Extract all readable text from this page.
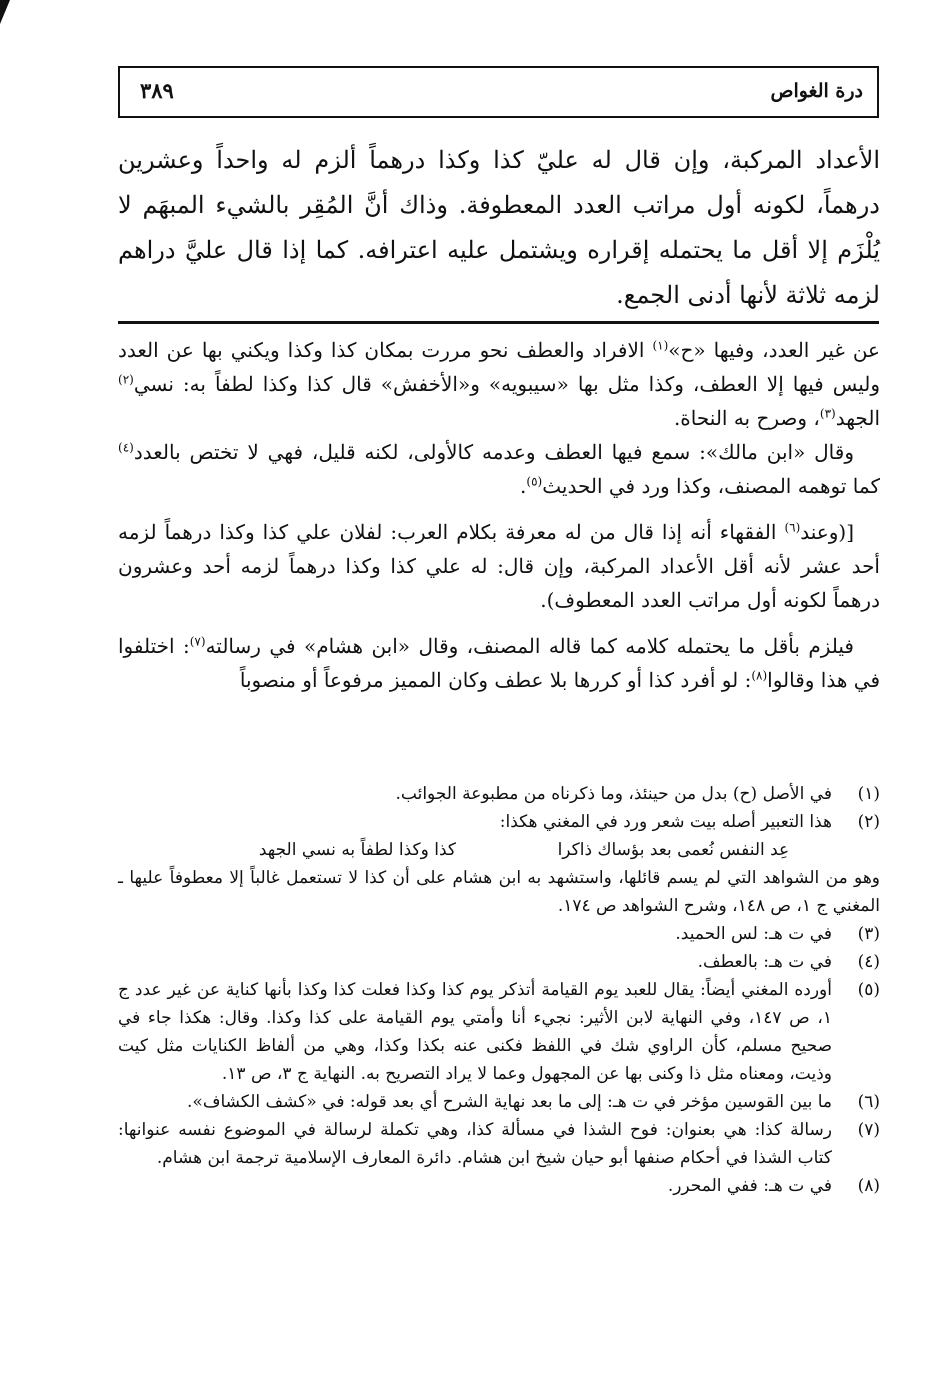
درة الغواص
٣٨٩

الأعداد المركبة، وإن قال له عليّ كذا وكذا درهماً ألزم له واحداً وعشرين درهماً، لكونه أول مراتب العدد المعطوفة. وذاك أنَّ المُقِر بالشيء المبهَم لا يُلْزَم إلا أقل ما يحتمله إقراره ويشتمل عليه اعترافه. كما إذا قال عليَّ دراهم لزمه ثلاثة لأنها أدنى الجمع.

عن غير العدد، وفيها «ح»$^{(١)}$ الافراد والعطف نحو مررت بمكان كذا وكذا ويكني بها عن العدد وليس فيها إلا العطف، وكذا مثل بها «سيبويه» و«الأخفش» قال كذا وكذا لطفاً به: نسي$^{(٢)}$ الجهد$^{(٣)}$، وصرح به النحاة.

وقال «ابن مالك»: سمع فيها العطف وعدمه كالأولى، لكنه قليل، فهي لا تختص بالعدد$^{(٤)}$ كما توهمه المصنف، وكذا ورد في الحديث$^{(٥)}$.

[(وعند$^{(٦)}$ الفقهاء أنه إذا قال من له معرفة بكلام العرب: لفلان علي كذا وكذا درهماً لزمه أحد عشر لأنه أقل الأعداد المركبة، وإن قال: له علي كذا وكذا درهماً لزمه أحد وعشرون درهماً لكونه أول مراتب العدد المعطوف).

فيلزم بأقل ما يحتمله كلامه كما قاله المصنف، وقال «ابن هشام» في رسالته$^{(٧)}$: اختلفوا في هذا وقالوا$^{(٨)}$: لو أفرد كذا أو كررها بلا عطف وكان المميز مرفوعاً أو منصوباً

(١)
في الأصل (ح) بدل من حينئذ، وما ذكرناه من مطبوعة الجوائب.
(٢)
هذا التعبير أصله بيت شعر ورد في المغني هكذا:
عِد النفس نُعمى بعد بؤساك ذاكرا
كذا وكذا لطفاً به نسي الجهد
وهو من الشواهد التي لم يسم قائلها، واستشهد به ابن هشام على أن كذا لا تستعمل غالباً إلا معطوفاً عليها ـ المغني ج ١، ص ١٤٨، وشرح الشواهد ص ١٧٤.
(٣)
في ت هـ: لس الحميد.
(٤)
في ت هـ: بالعطف.
(٥)
أورده المغني أيضاً: يقال للعبد يوم القيامة أتذكر يوم كذا وكذا فعلت كذا وكذا بأنها كناية عن غير عدد ج ١، ص ١٤٧، وفي النهاية لابن الأثير: نجيء أنا وأمتي يوم القيامة على كذا وكذا. وقال: هكذا جاء في صحيح مسلم، كأن الراوي شك في اللفظ فكنى عنه بكذا وكذا، وهي من ألفاظ الكنايات مثل كيت وذيت، ومعناه مثل ذا وكنى بها عن المجهول وعما لا يراد التصريح به. النهاية ج ٣، ص ١٣.
(٦)
ما بين القوسين مؤخر في ت هـ: إلى ما بعد نهاية الشرح أي بعد قوله: في «كشف الكشاف».
(٧)
رسالة كذا: هي بعنوان: فوح الشذا في مسألة كذا، وهي تكملة لرسالة في الموضوع نفسه عنوانها: كتاب الشذا في أحكام صنفها أبو حيان شيخ ابن هشام. دائرة المعارف الإسلامية ترجمة ابن هشام.
(٨)
في ت هـ: ففي المحرر.
